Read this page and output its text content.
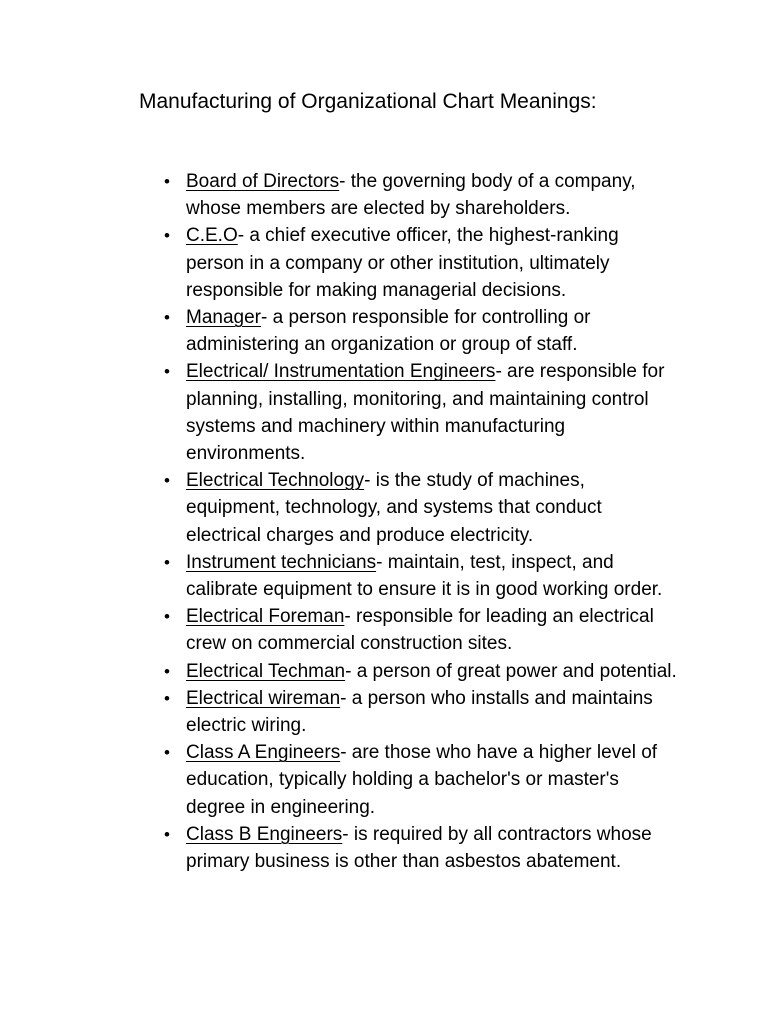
Manufacturing of Organizational Chart Meanings:
• Board of Directors- the governing body of a company, whose members are elected by shareholders.
• C.E.O- a chief executive officer, the highest-ranking person in a company or other institution, ultimately responsible for making managerial decisions.
• Manager- a person responsible for controlling or administering an organization or group of staff.
• Electrical/ Instrumentation Engineers- are responsible for planning, installing, monitoring, and maintaining control systems and machinery within manufacturing environments.
• Electrical Technology- is the study of machines, equipment, technology, and systems that conduct electrical charges and produce electricity.
• Instrument technicians- maintain, test, inspect, and calibrate equipment to ensure it is in good working order.
• Electrical Foreman- responsible for leading an electrical crew on commercial construction sites.
• Electrical Techman- a person of great power and potential.
• Electrical wireman- a person who installs and maintains electric wiring.
• Class A Engineers- are those who have a higher level of education, typically holding a bachelor's or master's degree in engineering.
• Class B Engineers- is required by all contractors whose primary business is other than asbestos abatement.
